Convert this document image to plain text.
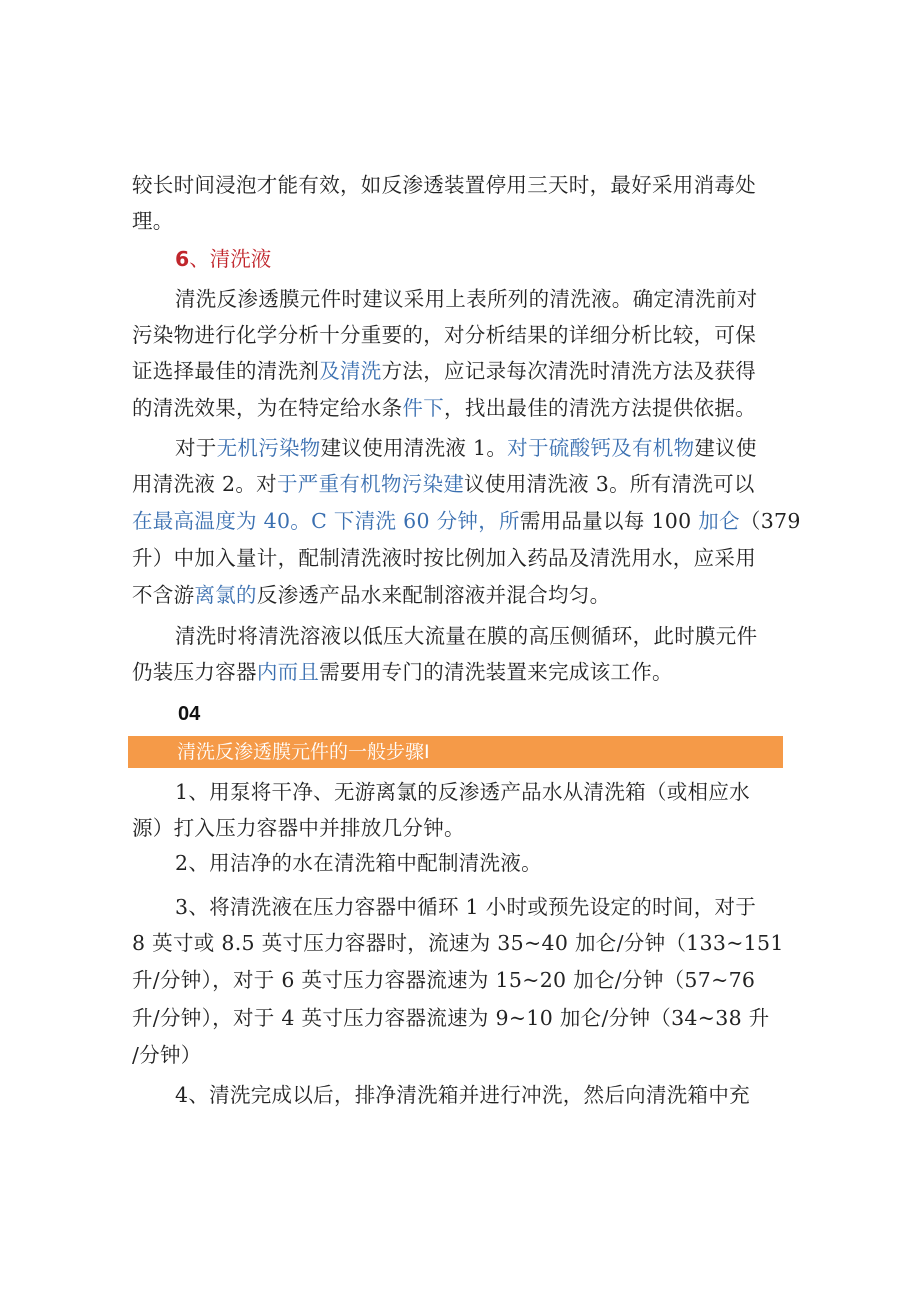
较长时间浸泡才能有效，如反渗透装置停用三天时，最好采用消毒处
理。
6、清洗液
清洗反渗透膜元件时建议采用上表所列的清洗液。确定清洗前对
污染物进行化学分析十分重要的，对分析结果的详细分析比较，可保
证选择最佳的清洗剂及清洗方法，应记录每次清洗时清洗方法及获得
的清洗效果，为在特定给水条件下，找出最佳的清洗方法提供依据。
对于无机污染物建议使用清洗液 1。对于硫酸钙及有机物建议使
用清洗液 2。对于严重有机物污染建议使用清洗液 3。所有清洗可以
在最高温度为 40。C 下清洗 60 分钟，所需用品量以每 100 加仑（379
升）中加入量计，配制清洗液时按比例加入药品及清洗用水，应采用
不含游离氯的反渗透产品水来配制溶液并混合均匀。
清洗时将清洗溶液以低压大流量在膜的高压侧循环，此时膜元件
仍装压力容器内而且需要用专门的清洗装置来完成该工作。
04
清洗反渗透膜元件的一般步骤Ⅰ
1、用泵将干净、无游离氯的反渗透产品水从清洗箱（或相应水
源）打入压力容器中并排放几分钟。
2、用洁净的水在清洗箱中配制清洗液。
3、将清洗液在压力容器中循环 1 小时或预先设定的时间，对于
8 英寸或 8.5 英寸压力容器时，流速为 35~40 加仑/分钟（133~151
升/分钟），对于 6 英寸压力容器流速为 15~20 加仑/分钟（57~76
升/分钟），对于 4 英寸压力容器流速为 9~10 加仑/分钟（34~38 升
/分钟）
4、清洗完成以后，排净清洗箱并进行冲洗，然后向清洗箱中充
